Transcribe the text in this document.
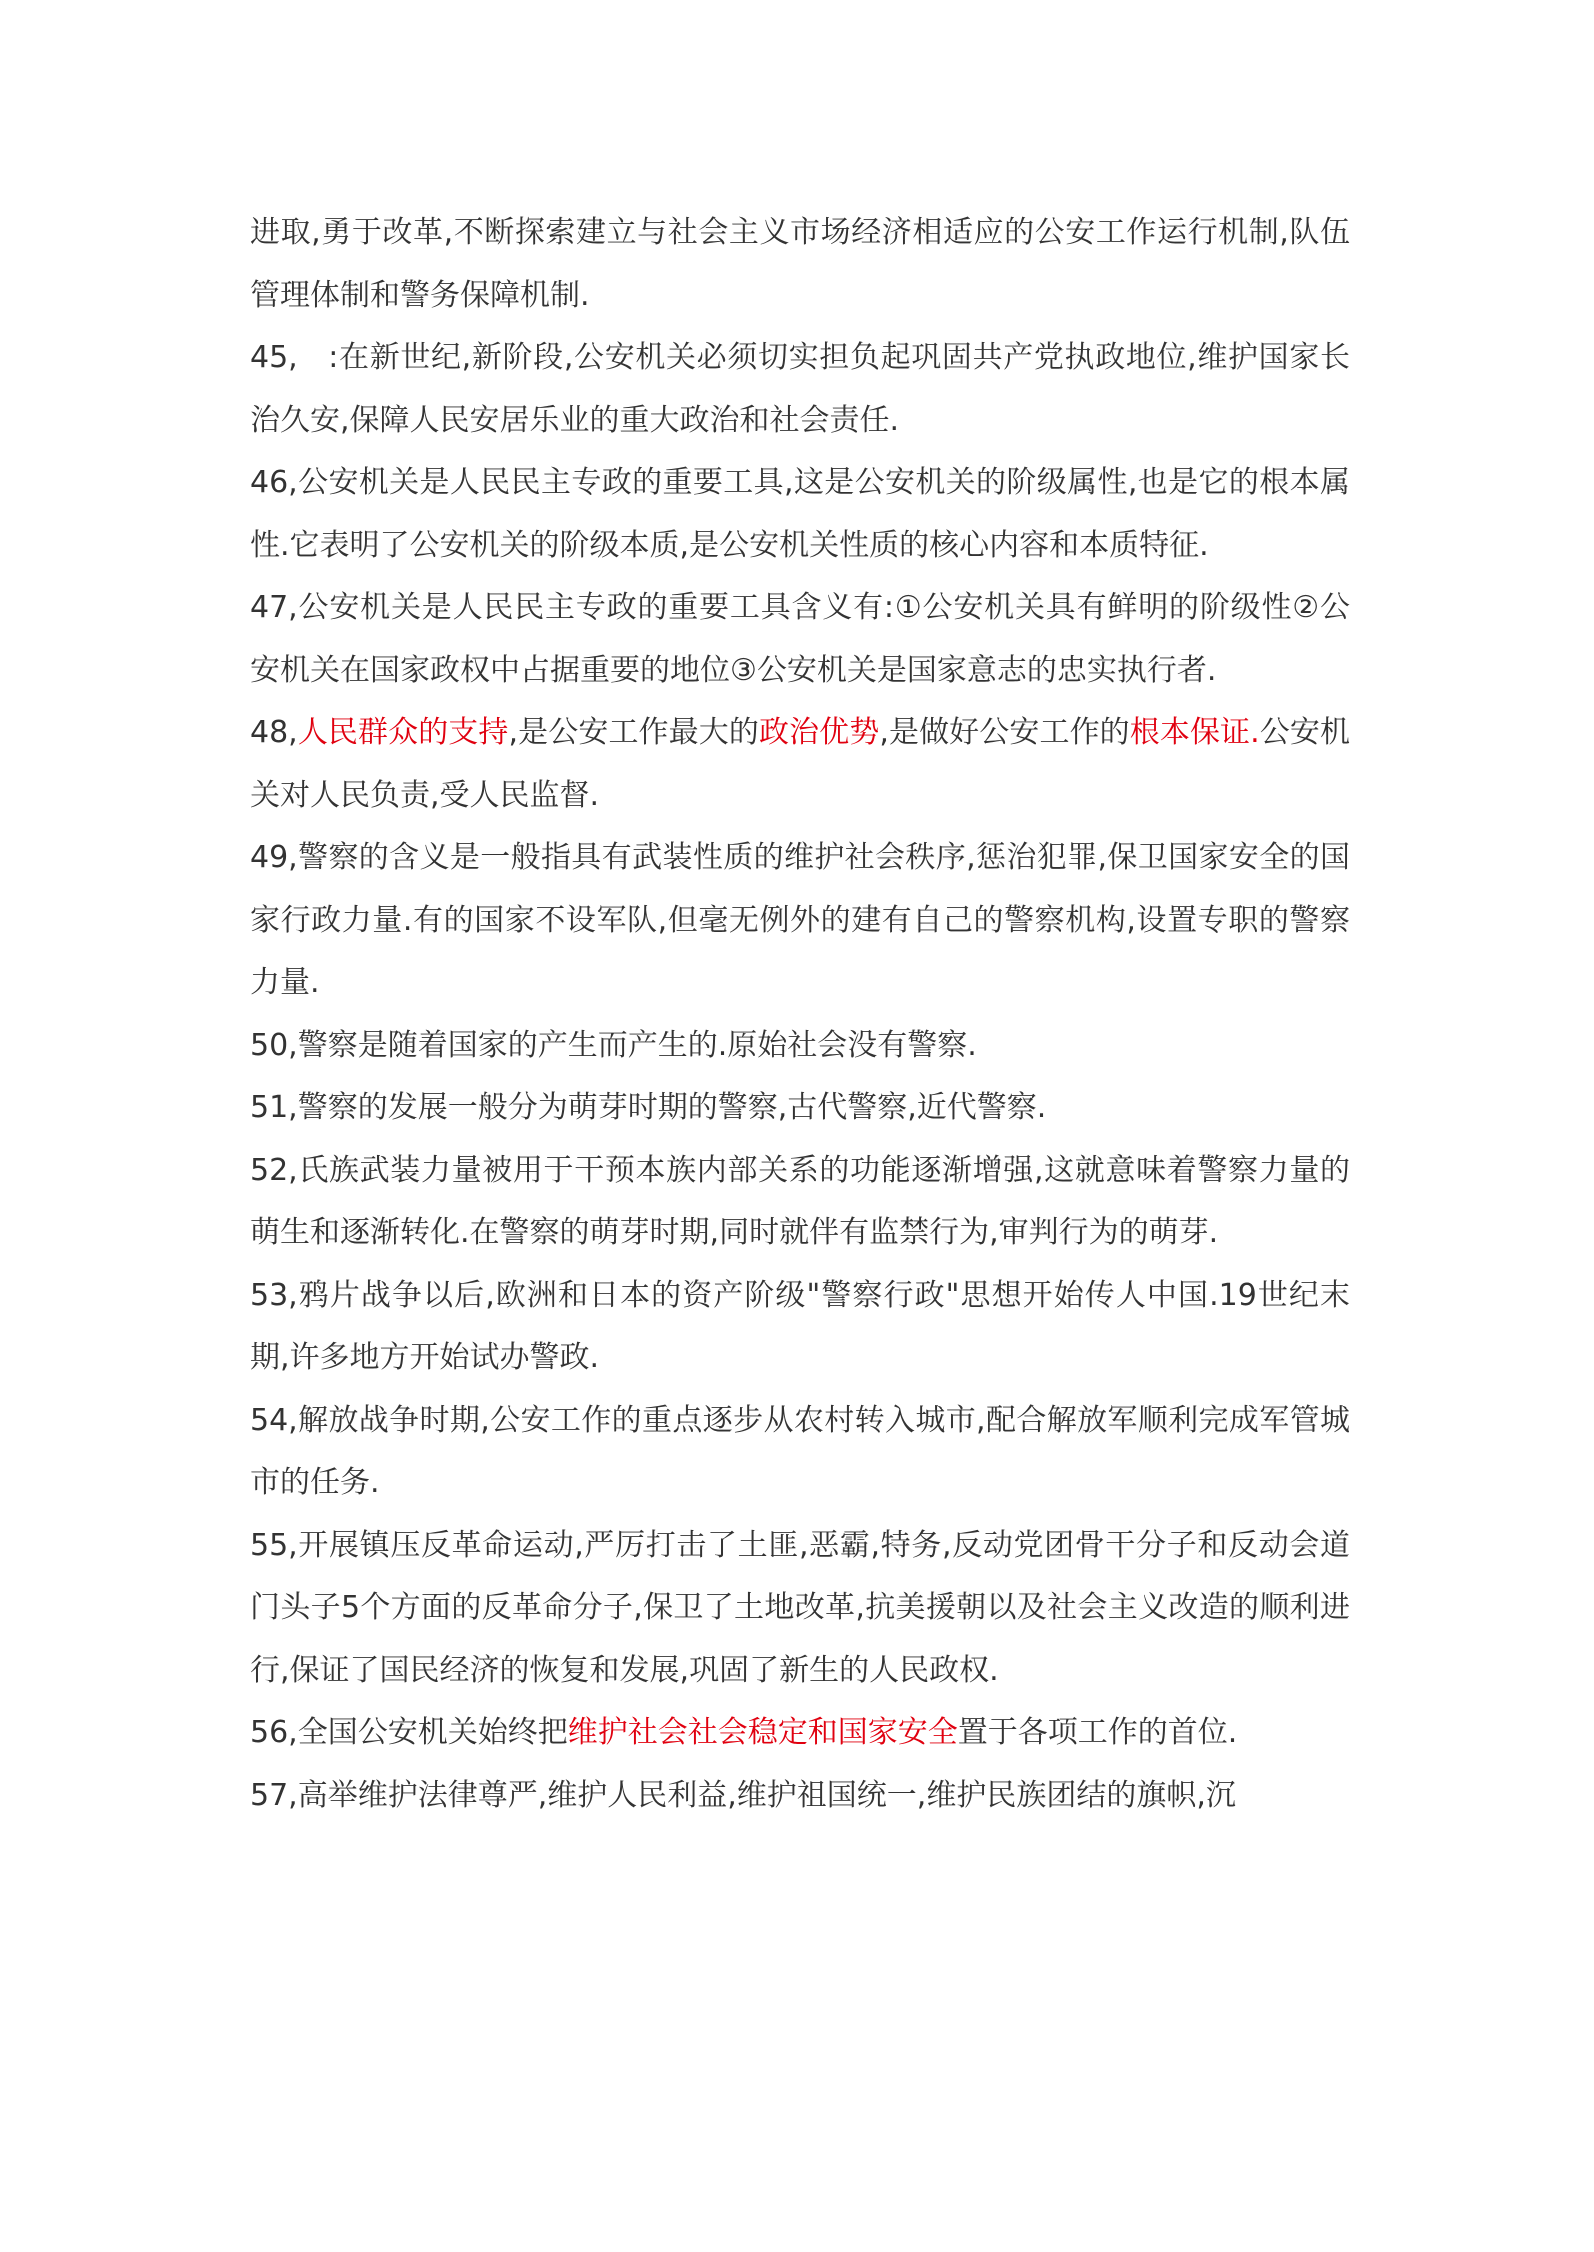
进取,勇于改革,不断探索建立与社会主义市场经济相适应的公安工作运行机制,队伍管理体制和警务保障机制.

45,   :在新世纪,新阶段,公安机关必须切实担负起巩固共产党执政地位,维护国家长治久安,保障人民安居乐业的重大政治和社会责任.

46,公安机关是人民民主专政的重要工具,这是公安机关的阶级属性,也是它的根本属性.它表明了公安机关的阶级本质,是公安机关性质的核心内容和本质特征.

47,公安机关是人民民主专政的重要工具含义有:①公安机关具有鲜明的阶级性②公安机关在国家政权中占据重要的地位③公安机关是国家意志的忠实执行者.

48,人民群众的支持,是公安工作最大的政治优势,是做好公安工作的根本保证.公安机关对人民负责,受人民监督.

49,警察的含义是一般指具有武装性质的维护社会秩序,惩治犯罪,保卫国家安全的国家行政力量.有的国家不设军队,但毫无例外的建有自己的警察机构,设置专职的警察力量.

50,警察是随着国家的产生而产生的.原始社会没有警察.

51,警察的发展一般分为萌芽时期的警察,古代警察,近代警察.

52,氏族武装力量被用于干预本族内部关系的功能逐渐增强,这就意味着警察力量的萌生和逐渐转化.在警察的萌芽时期,同时就伴有监禁行为,审判行为的萌芽.

53,鸦片战争以后,欧洲和日本的资产阶级"警察行政"思想开始传人中国.19世纪末期,许多地方开始试办警政.

54,解放战争时期,公安工作的重点逐步从农村转入城市,配合解放军顺利完成军管城市的任务.

55,开展镇压反革命运动,严厉打击了土匪,恶霸,特务,反动党团骨干分子和反动会道门头子5个方面的反革命分子,保卫了土地改革,抗美援朝以及社会主义改造的顺利进行,保证了国民经济的恢复和发展,巩固了新生的人民政权.

56,全国公安机关始终把维护社会社会稳定和国家安全置于各项工作的首位.

57,高举维护法律尊严,维护人民利益,维护祖国统一,维护民族团结的旗帜,沉
